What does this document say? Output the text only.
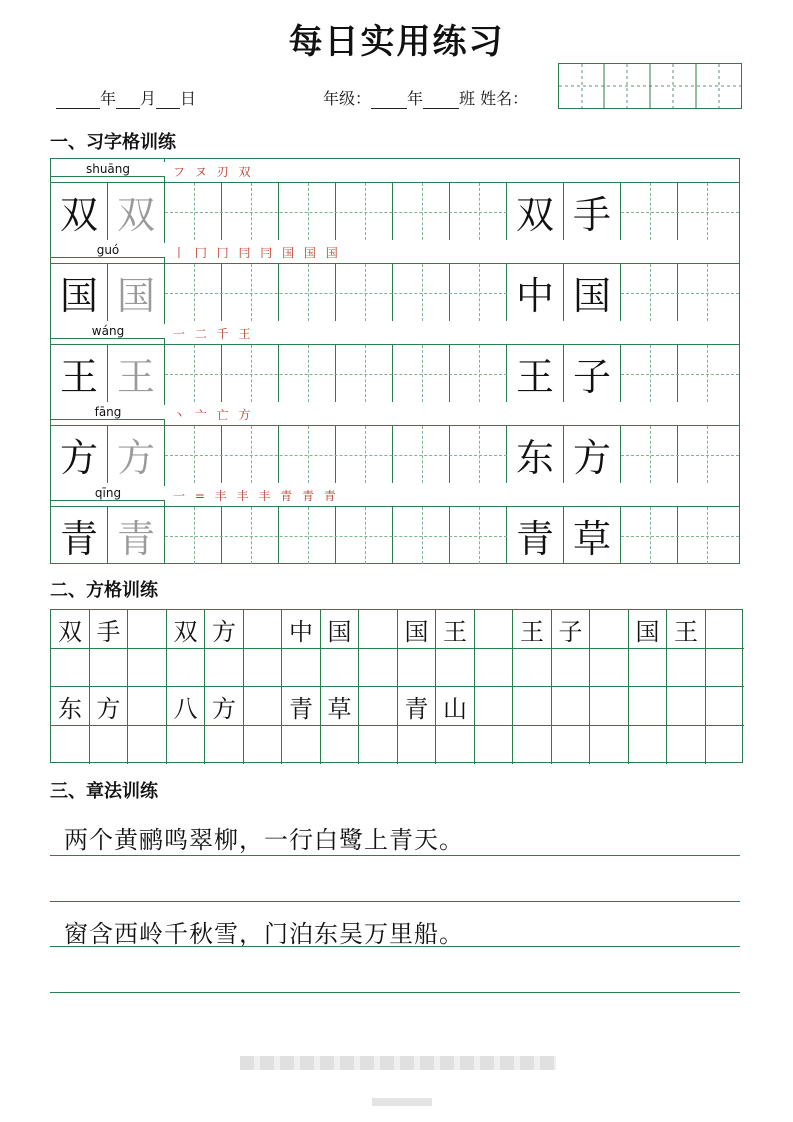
每日实用练习
年 月 日	年级： 年 班 姓名：
一、习字格训练
shuāng	フ ヌ 刃 双
双 双	双 手
guó	丨 冂 冂 冃 冃 国 国 国
国 国	中 国
wáng	一 二 千 王
王 王	王 子
fāng	丶 亠 亡 方
方 方	东 方
qīng	一 = 丰 丰 丰 青 青 青
青 青	青 草
二、方格训练
双 手	双 方	中 国	国 王	王 子	国 王
东 方	八 方	青 草	青 山
三、章法训练
两个黄鹂鸣翠柳，一行白鹭上青天。
窗含西岭千秋雪，门泊东吴万里船。
